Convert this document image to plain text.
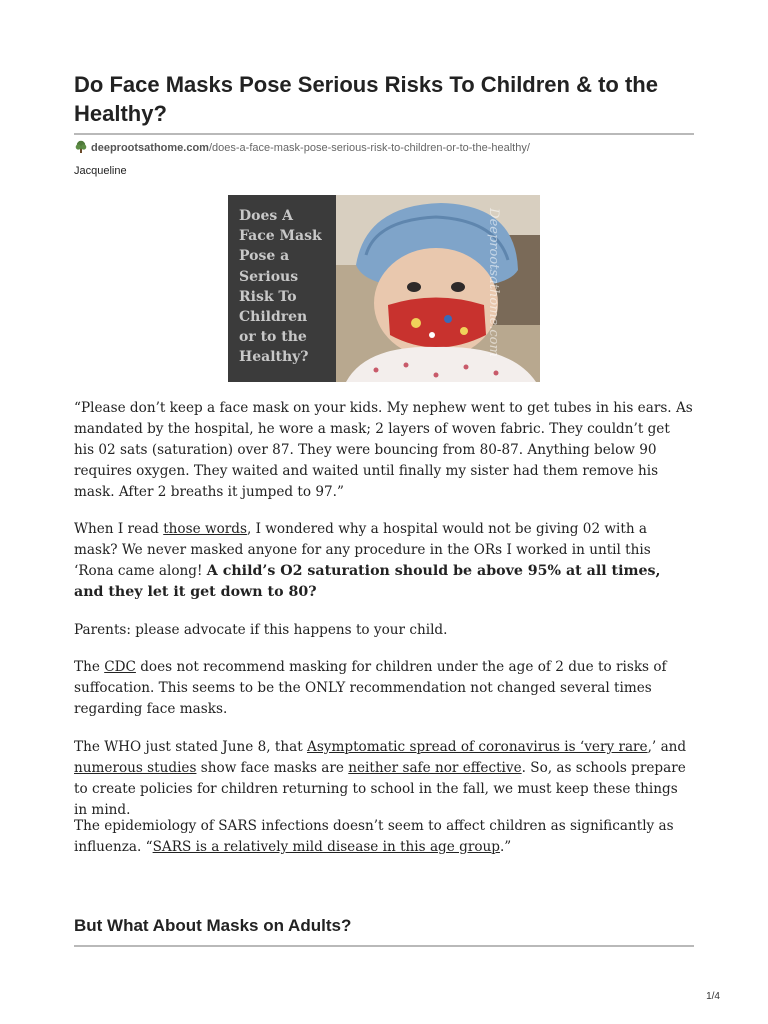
Do Face Masks Pose Serious Risks To Children & to the Healthy?
deeprootsathome.com/does-a-face-mask-pose-serious-risk-to-children-or-to-the-healthy/
Jacqueline
Does A
Face Mask
Pose a
Serious
Risk To
Children
or to the
Healthy?
Deeprootsathome.com

“Please don’t keep a face mask on your kids. My nephew went to get tubes in his ears. As mandated by the hospital, he wore a mask; 2 layers of woven fabric. They couldn’t get his 02 sats (saturation) over 87. They were bouncing from 80-87. Anything below 90 requires oxygen. They waited and waited until finally my sister had them remove his mask. After 2 breaths it jumped to 97.”

When I read those words, I wondered why a hospital would not be giving 02 with a mask? We never masked anyone for any procedure in the ORs I worked in until this ‘Rona came along! A child’s O2 saturation should be above 95% at all times, and they let it get down to 80?

Parents: please advocate if this happens to your child.

The CDC does not recommend masking for children under the age of 2 due to risks of suffocation. This seems to be the ONLY recommendation not changed several times regarding face masks.

The WHO just stated June 8, that Asymptomatic spread of coronavirus is ‘very rare,’ and numerous studies show face masks are neither safe nor effective. So, as schools prepare to create policies for children returning to school in the fall, we must keep these things in mind.

The epidemiology of SARS infections doesn’t seem to affect children as significantly as influenza. “SARS is a relatively mild disease in this age group.”

But What About Masks on Adults?
1/4
